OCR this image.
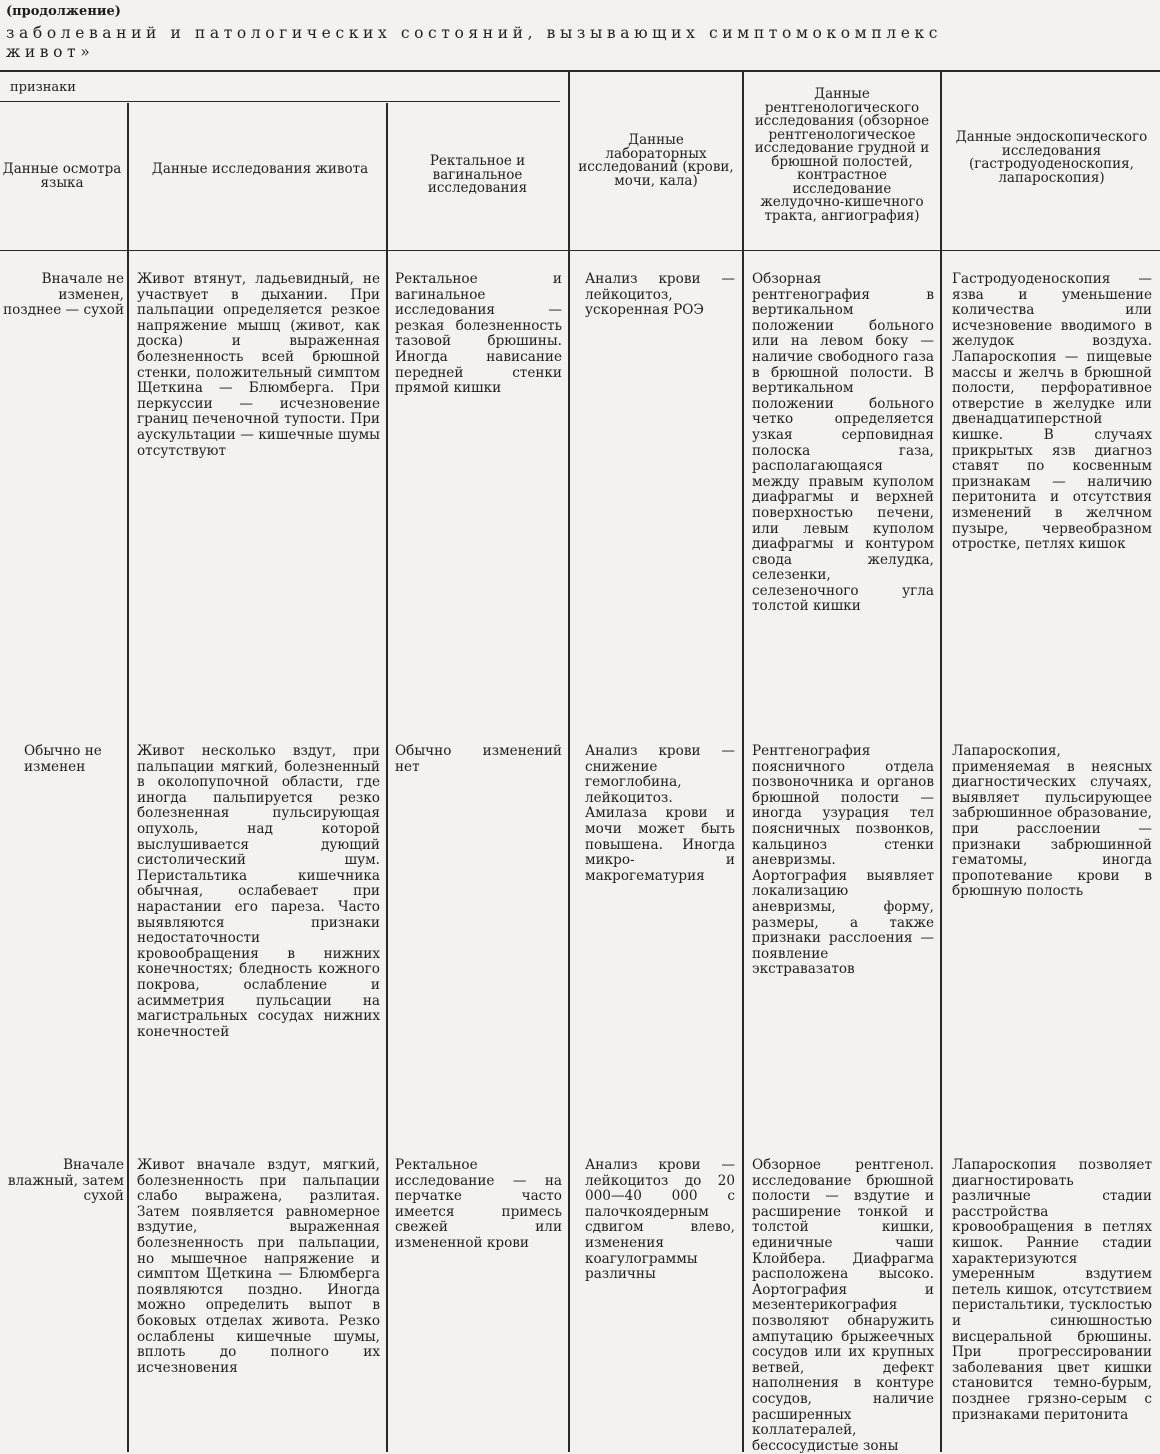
(продолжение)
заболеваний и патологических состояний, вызывающих симптомокомплекс
живот»
признаки
Данные осмотра языка
Данные исследования живота	Ректальное и вагинальное исследования
Данные лабораторных исследований (крови, мочи, кала)
Данные рентгенологического исследования (обзорное рентгенологическое исследование грудной и брюшной полостей, контрастное исследование желудочно-кишечного тракта, ангиография)
Данные эндоскопического исследования (гастродуоденоскопия, лапароскопия)
Вначале не изменен, позднее — сухой
Живот втянут, ладьевидный, не участвует в дыхании. При пальпации определяется резкое напряжение мышц (живот, как доска) и выраженная болезненность всей брюшной стенки, положительный симптом Щеткина — Блюмберга. При перкуссии — исчезновение границ печеночной тупости. При аускультации — кишечные шумы отсутствуют
Ректальное и вагинальное исследования — резкая болезненность тазовой брюшины. Иногда нависание передней стенки прямой кишки
Анализ крови — лейкоцитоз, ускоренная РОЭ
Обзорная рентгенография в вертикальном положении больного или на левом боку — наличие свободного газа в брюшной полости. В вертикальном положении больного четко определяется узкая серповидная полоска газа, располагающаяся между правым куполом диафрагмы и верхней поверхностью печени, или левым куполом диафрагмы и контуром свода желудка, селезенки, селезеночного угла толстой кишки
Гастродуоденоскопия — язва и уменьшение количества или исчезновение вводимого в желудок воздуха. Лапароскопия — пищевые массы и желчь в брюшной полости, перфоративное отверстие в желудке или двенадцатиперстной кишке. В случаях прикрытых язв диагноз ставят по косвенным признакам — наличию перитонита и отсутствия изменений в желчном пузыре, червеобразном отростке, петлях кишок
Обычно не изменен
Живот несколько вздут, при пальпации мягкий, болезненный в околопупочной области, где иногда пальпируется резко болезненная пульсирующая опухоль, над которой выслушивается дующий систолический шум. Перистальтика кишечника обычная, ослабевает при нарастании его пареза. Часто выявляются признаки недостаточности кровообращения в нижних конечностях; бледность кожного покрова, ослабление и асимметрия пульсации на магистральных сосудах нижних конечностей
Обычно изменений нет
Анализ крови — снижение гемоглобина, лейкоцитоз. Амилаза крови и мочи может быть повышена. Иногда микро- и макрогематурия
Рентгенография поясничного отдела позвоночника и органов брюшной полости — иногда узурация тел поясничных позвонков, кальциноз стенки аневризмы. Аортография выявляет локализацию аневризмы, форму, размеры, а также признаки расслоения — появление экстравазатов
Лапароскопия, применяемая в неясных диагностических случаях, выявляет пульсирующее забрюшинное образование, при расслоении — признаки забрюшинной гематомы, иногда пропотевание крови в брюшную полость
Вначале влажный, затем сухой
Живот вначале вздут, мягкий, болезненность при пальпации слабо выражена, разлитая. Затем появляется равномерное вздутие, выраженная болезненность при пальпации, но мышечное напряжение и симптом Щеткина — Блюмберга появляются поздно. Иногда можно определить выпот в боковых отделах живота. Резко ослаблены кишечные шумы, вплоть до полного их исчезновения
Ректальное исследование — на перчатке часто имеется примесь свежей или измененной крови
Анализ крови — лейкоцитоз до 20 000—40 000 с палочкоядерным сдвигом влево, изменения коагулограммы различны
Обзорное рентгенол. исследование брюшной полости — вздутие и расширение тонкой и толстой кишки, единичные чаши Клойбера. Диафрагма расположена высоко. Аортография и мезентерикография позволяют обнаружить ампутацию брыжеечных сосудов или их крупных ветвей, дефект наполнения в контуре сосудов, наличие расширенных коллатералей, бессосудистые зоны
Лапароскопия позволяет диагностировать различные стадии расстройства кровообращения в петлях кишок. Ранние стадии характеризуются умеренным вздутием петель кишок, отсутствием перистальтики, тусклостью и синюшностью висцеральной брюшины. При прогрессировании заболевания цвет кишки становится темно-бурым, позднее грязно-серым с признаками перитонита
